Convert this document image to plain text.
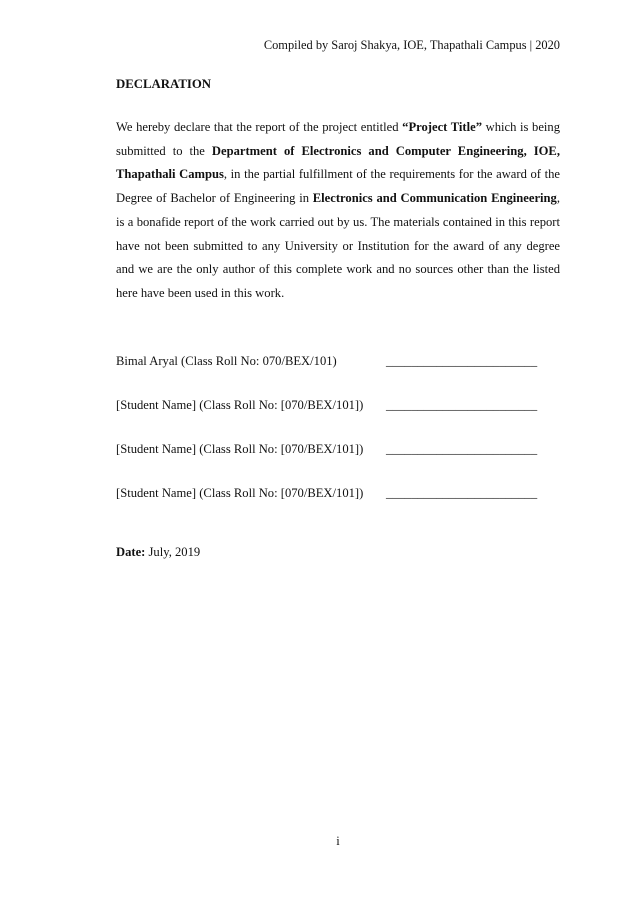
Compiled by Saroj Shakya, IOE, Thapathali Campus | 2020
DECLARATION
We hereby declare that the report of the project entitled “Project Title” which is being submitted to the Department of Electronics and Computer Engineering, IOE, Thapathali Campus, in the partial fulfillment of the requirements for the award of the Degree of Bachelor of Engineering in Electronics and Communication Engineering, is a bonafide report of the work carried out by us. The materials contained in this report have not been submitted to any University or Institution for the award of any degree and we are the only author of this complete work and no sources other than the listed here have been used in this work.
Bimal Aryal (Class Roll No: 070/BEX/101)	________________________
[Student Name] (Class Roll No: [070/BEX/101]) ________________________
[Student Name] (Class Roll No: [070/BEX/101]) ________________________
[Student Name] (Class Roll No: [070/BEX/101]) ________________________
Date: July, 2019
i
